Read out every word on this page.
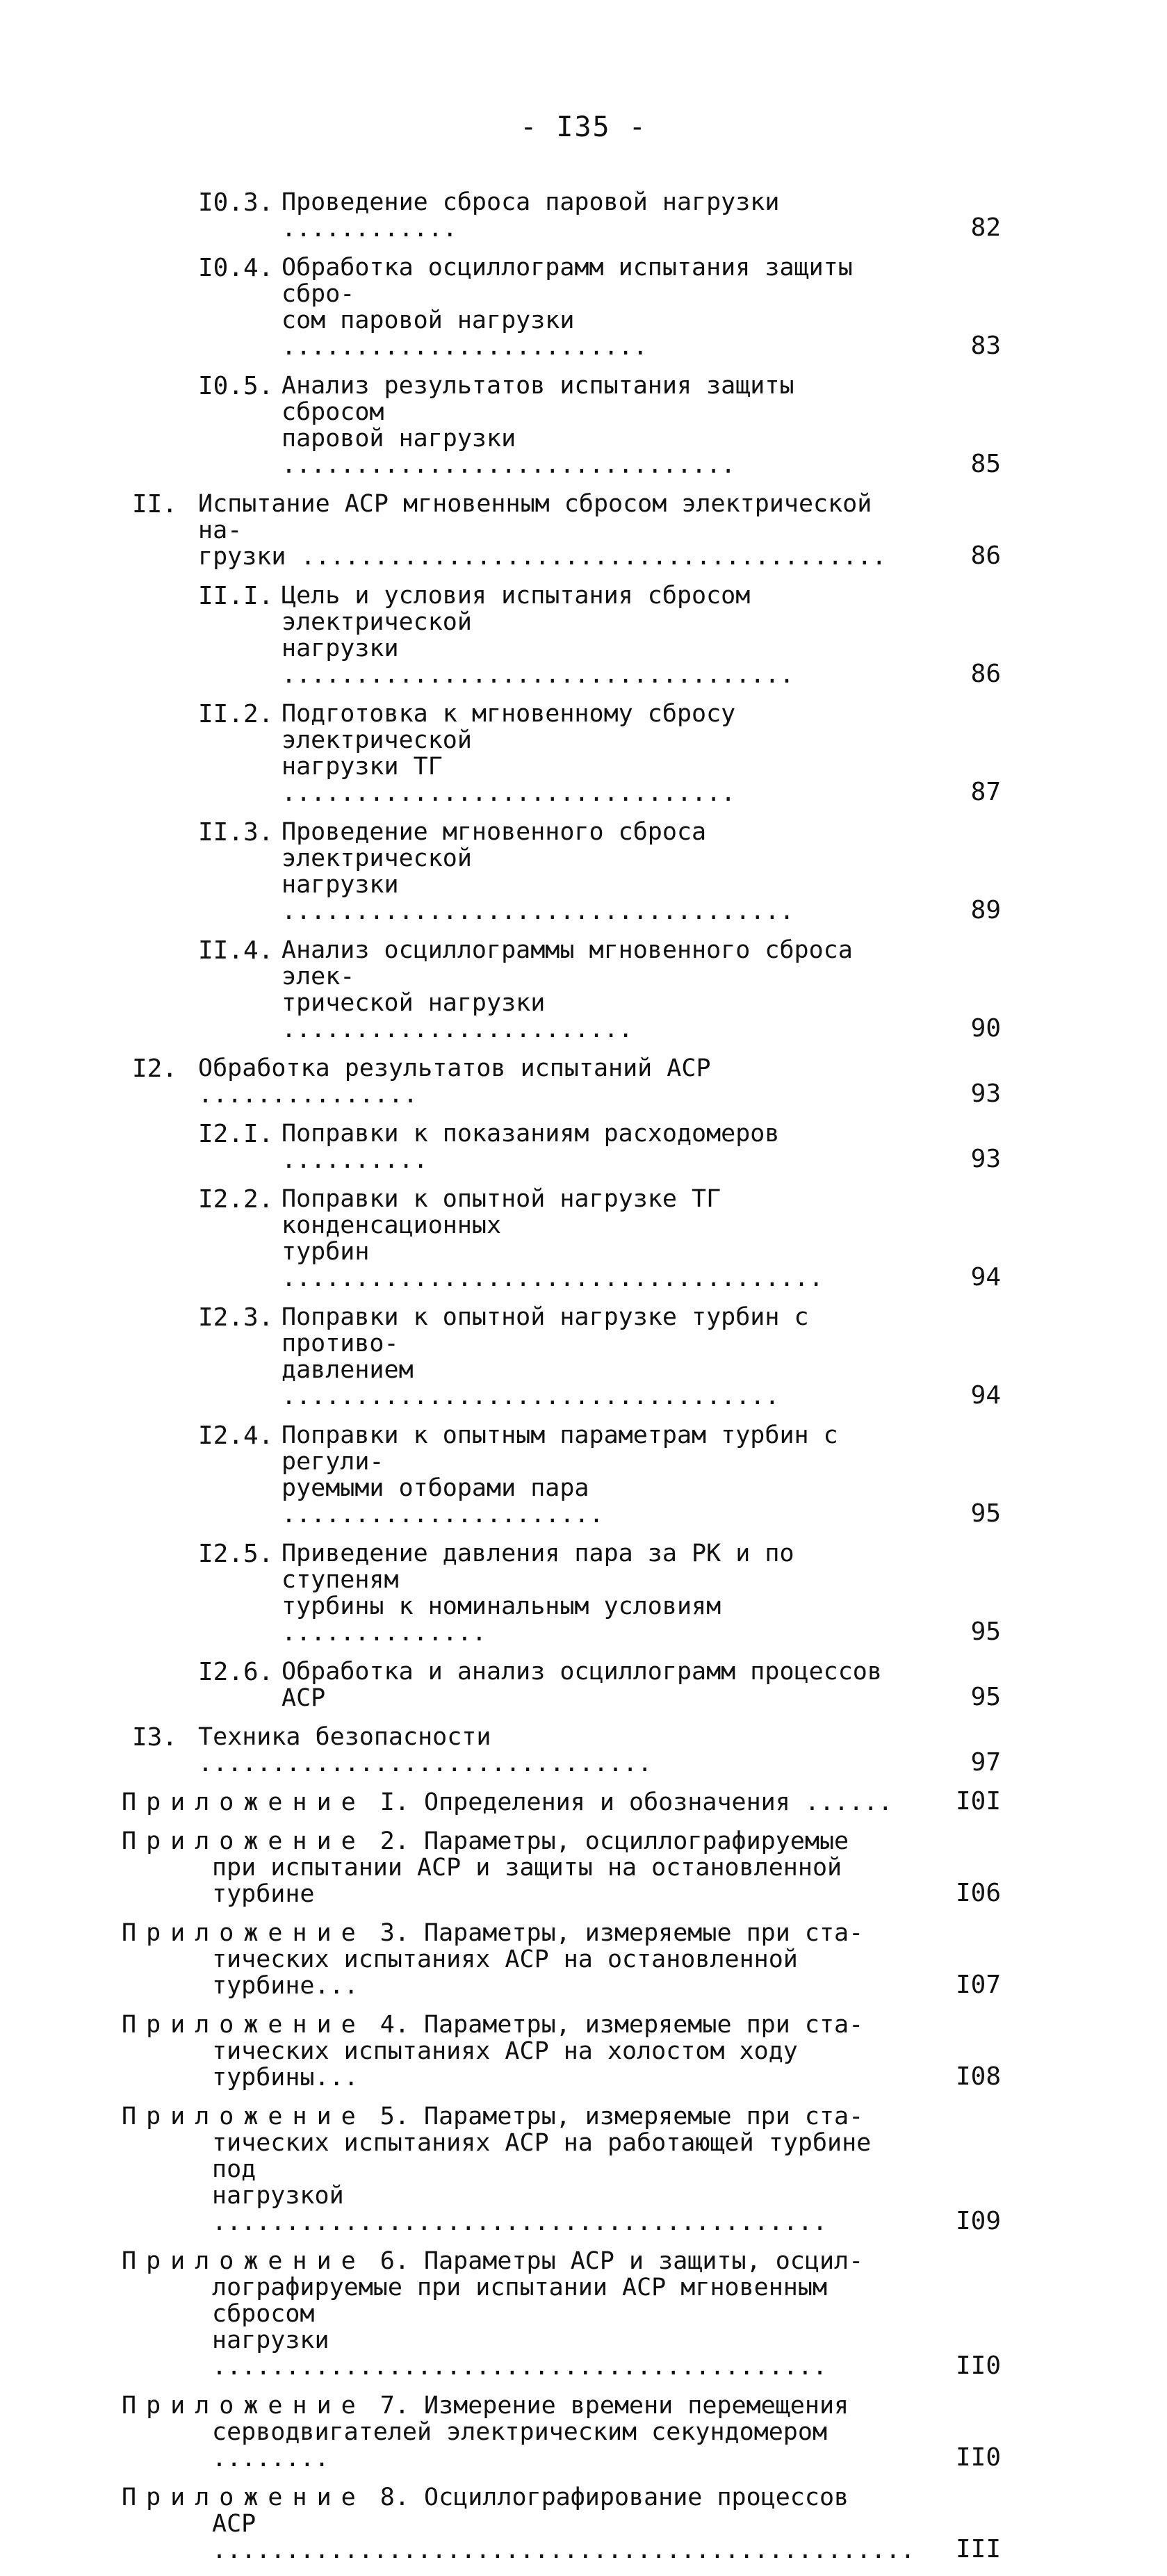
- I35 -
I0.3. Проведение сброса паровой нагрузки ............	82
I0.4. Обработка осциллограмм испытания защиты сбро-
сом паровой нагрузки .........................	83
I0.5. Анализ результатов испытания защиты сбросом
паровой нагрузки ...............................	85
II. Испытание АСР мгновенным сбросом электрической на-
грузки ........................................	86
II.I. Цель и условия испытания сбросом электрической
нагрузки ...................................	86
II.2. Подготовка к мгновенному сбросу электрической
нагрузки ТГ ...............................	87
II.3. Проведение мгновенного сброса электрической
нагрузки ...................................	89
II.4. Анализ осциллограммы мгновенного сброса элек-
трической нагрузки ........................	90
I2. Обработка результатов испытаний АСР ...............	93
I2.I. Поправки к показаниям расходомеров ..........	93
I2.2. Поправки к опытной нагрузке ТГ конденсационных
турбин .....................................	94
I2.3. Поправки к опытной нагрузке турбин с противо-
давлением ..................................	94
I2.4. Поправки к опытным параметрам турбин с регули-
руемыми отборами пара ......................	95
I2.5. Приведение давления пара за РК и по ступеням
турбины к номинальным условиям ..............	95
I2.6. Обработка и анализ осциллограмм процессов АСР	95
I3. Техника безопасности ...............................	97
Приложение I. Определения и обозначения ......	I0I
Приложение 2. Параметры, осциллографируемые
при испытании АСР и защиты на остановленной турбине	I06
Приложение 3. Параметры, измеряемые при ста-
тических испытаниях АСР на остановленной турбине...	I07
Приложение 4. Параметры, измеряемые при ста-
тических испытаниях АСР на холостом ходу турбины...	I08
Приложение 5. Параметры, измеряемые при ста-
тических испытаниях АСР на работающей турбине под
нагрузкой ..........................................	I09
Приложение 6. Параметры АСР и защиты, осцил-
лографируемые при испытании АСР мгновенным сбросом
нагрузки ..........................................	II0
Приложение 7. Измерение времени перемещения
серводвигателей электрическим секундомером ........	II0
Приложение 8. Осциллографирование процессов
АСР ................................................ III
